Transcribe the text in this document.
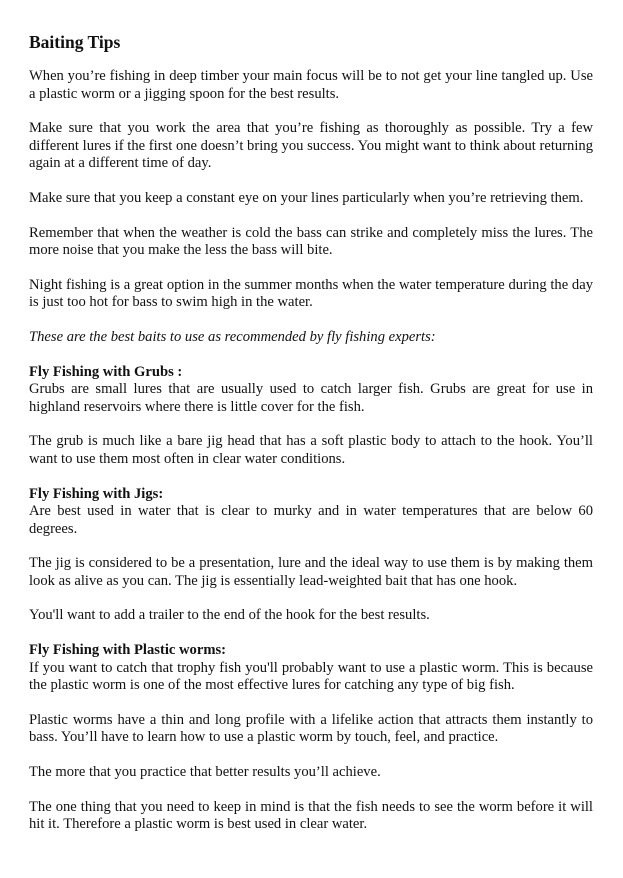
Baiting Tips

When you’re fishing in deep timber your main focus will be to not get your line tangled up. Use a plastic worm or a jigging spoon for the best results.

Make sure that you work the area that you’re fishing as thoroughly as possible. Try a few different lures if the first one doesn’t bring you success. You might want to think about returning again at a different time of day.

Make sure that you keep a constant eye on your lines particularly when you’re retrieving them.

Remember that when the weather is cold the bass can strike and completely miss the lures. The more noise that you make the less the bass will bite.

Night fishing is a great option in the summer months when the water temperature during the day is just too hot for bass to swim high in the water.

These are the best baits to use as recommended by fly fishing experts:

Fly Fishing with Grubs :
Grubs are small lures that are usually used to catch larger fish. Grubs are great for use in highland reservoirs where there is little cover for the fish.

The grub is much like a bare jig head that has a soft plastic body to attach to the hook. You’ll want to use them most often in clear water conditions.

Fly Fishing with Jigs:
Are best used in water that is clear to murky and in water temperatures that are below 60 degrees.

The jig is considered to be a presentation, lure and the ideal way to use them is by making them look as alive as you can. The jig is essentially lead-weighted bait that has one hook.

You'll want to add a trailer to the end of the hook for the best results.

Fly Fishing with Plastic worms:
If you want to catch that trophy fish you'll probably want to use a plastic worm. This is because the plastic worm is one of the most effective lures for catching any type of big fish.

Plastic worms have a thin and long profile with a lifelike action that attracts them instantly to bass. You’ll have to learn how to use a plastic worm by touch, feel, and practice.

The more that you practice that better results you’ll achieve.

The one thing that you need to keep in mind is that the fish needs to see the worm before it will hit it. Therefore a plastic worm is best used in clear water.
